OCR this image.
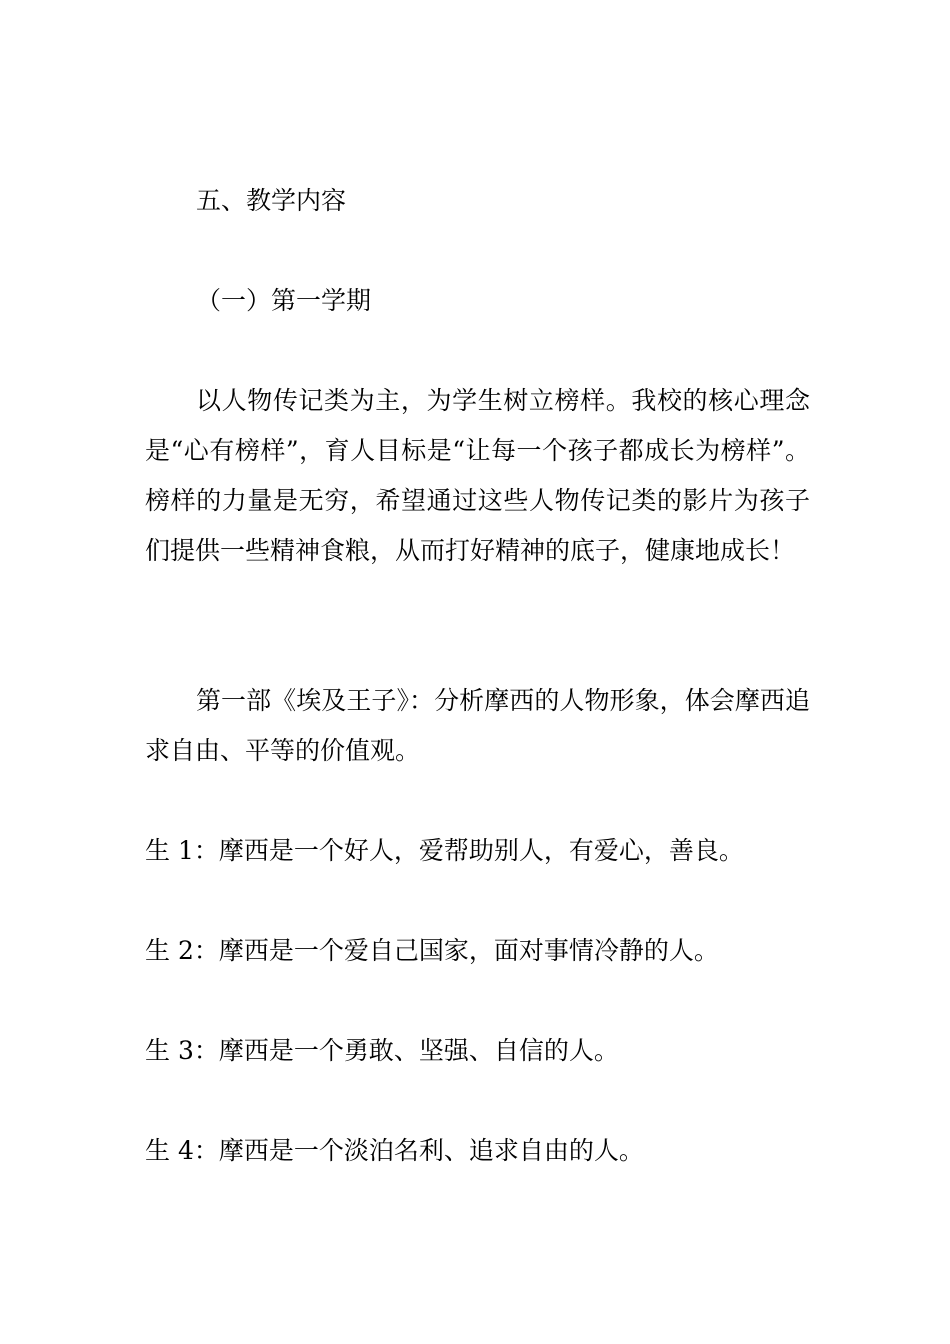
五、教学内容

（一）第一学期

以人物传记类为主，为学生树立榜样。我校的核心理念是“心有榜样”，育人目标是“让每一个孩子都成长为榜样”。榜样的力量是无穷，希望通过这些人物传记类的影片为孩子们提供一些精神食粮，从而打好精神的底子，健康地成长！

第一部《埃及王子》：分析摩西的人物形象，体会摩西追求自由、平等的价值观。

生 1：摩西是一个好人，爱帮助别人，有爱心，善良。

生 2：摩西是一个爱自己国家，面对事情冷静的人。

生 3：摩西是一个勇敢、坚强、自信的人。

生 4：摩西是一个淡泊名利、追求自由的人。
